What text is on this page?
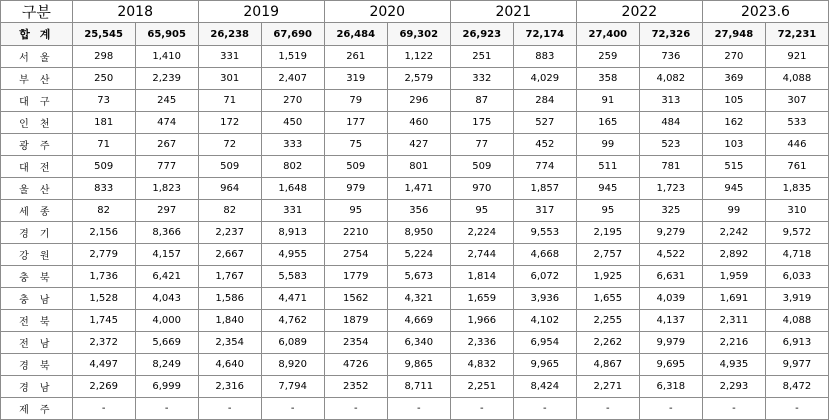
구분	2018		2019		2020		2021		2022		2023.6	
합 계	25,545	65,905	26,238	67,690	26,484	69,302	26,923	72,174	27,400	72,326	27,948	72,231
서 울	298	1,410	331	1,519	261	1,122	251	883	259	736	270	921
부 산	250	2,239	301	2,407	319	2,579	332	4,029	358	4,082	369	4,088
대 구	73	245	71	270	79	296	87	284	91	313	105	307
인 천	181	474	172	450	177	460	175	527	165	484	162	533
광 주	71	267	72	333	75	427	77	452	99	523	103	446
대 전	509	777	509	802	509	801	509	774	511	781	515	761
울 산	833	1,823	964	1,648	979	1,471	970	1,857	945	1,723	945	1,835
세 종	82	297	82	331	95	356	95	317	95	325	99	310
경 기	2,156	8,366	2,237	8,913	2210	8,950	2,224	9,553	2,195	9,279	2,242	9,572
강 원	2,779	4,157	2,667	4,955	2754	5,224	2,744	4,668	2,757	4,522	2,892	4,718
충 북	1,736	6,421	1,767	5,583	1779	5,673	1,814	6,072	1,925	6,631	1,959	6,033
충 남	1,528	4,043	1,586	4,471	1562	4,321	1,659	3,936	1,655	4,039	1,691	3,919
전 북	1,745	4,000	1,840	4,762	1879	4,669	1,966	4,102	2,255	4,137	2,311	4,088
전 남	2,372	5,669	2,354	6,089	2354	6,340	2,336	6,954	2,262	9,979	2,216	6,913
경 북	4,497	8,249	4,640	8,920	4726	9,865	4,832	9,965	4,867	9,695	4,935	9,977
경 남	2,269	6,999	2,316	7,794	2352	8,711	2,251	8,424	2,271	6,318	2,293	8,472
제 주	-	-	-	-	-	-	-	-	-	-	-	-
